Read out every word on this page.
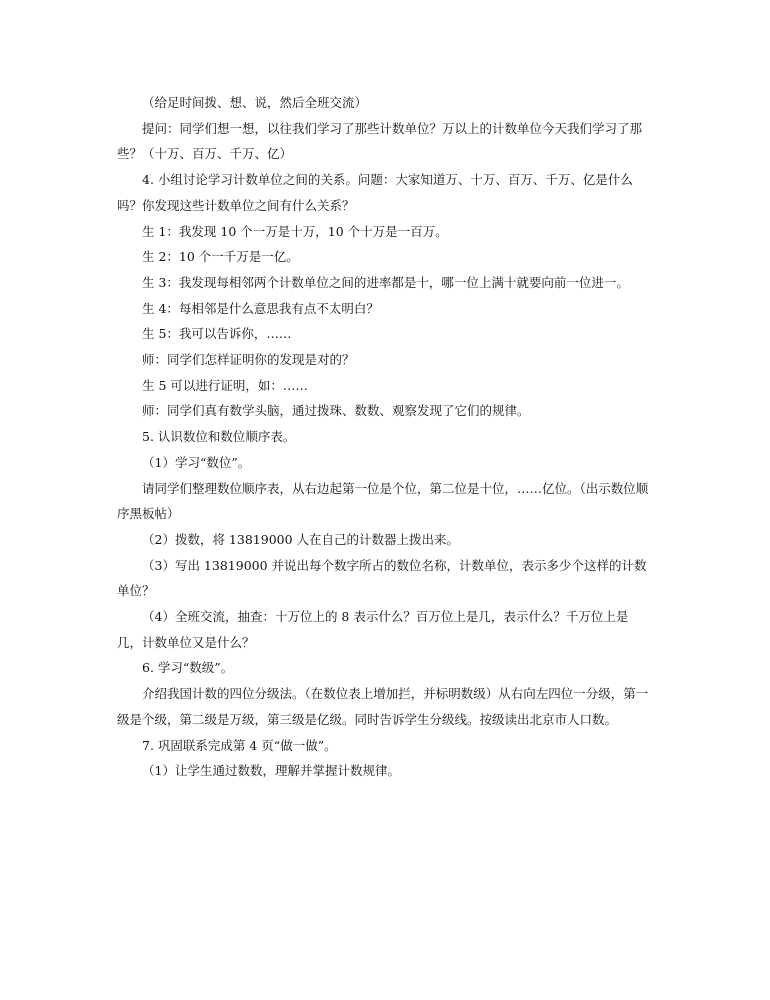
（给足时间拨、想、说，然后全班交流）

提问：同学们想一想，以往我们学习了那些计数单位？万以上的计数单位今天我们学习了那些？（十万、百万、千万、亿）

4. 小组讨论学习计数单位之间的关系。问题：大家知道万、十万、百万、千万、亿是什么吗？你发现这些计数单位之间有什么关系？

生 1：我发现 10 个一万是十万，10 个十万是一百万。

生 2：10 个一千万是一亿。

生 3：我发现每相邻两个计数单位之间的进率都是十，哪一位上满十就要向前一位进一。

生 4：每相邻是什么意思我有点不太明白？

生 5：我可以告诉你，……

师：同学们怎样证明你的发现是对的？

生 5 可以进行证明，如：……

师：同学们真有数学头脑，通过拨珠、数数、观察发现了它们的规律。

5. 认识数位和数位顺序表。

（1）学习“数位”。

请同学们整理数位顺序表，从右边起第一位是个位，第二位是十位，……亿位。（出示数位顺序黑板帖）

（2）拨数，将 13819000 人在自己的计数器上拨出来。

（3）写出 13819000 并说出每个数字所占的数位名称，计数单位，表示多少个这样的计数单位？

（4）全班交流，抽查：十万位上的 8 表示什么？百万位上是几，表示什么？千万位上是几，计数单位又是什么？

6. 学习“数级”。

介绍我国计数的四位分级法。（在数位表上增加拦，并标明数级）从右向左四位一分级，第一级是个级，第二级是万级，第三级是亿级。同时告诉学生分级线。按级读出北京市人口数。

7. 巩固联系完成第 4 页“做一做”。

（1）让学生通过数数，理解并掌握计数规律。
